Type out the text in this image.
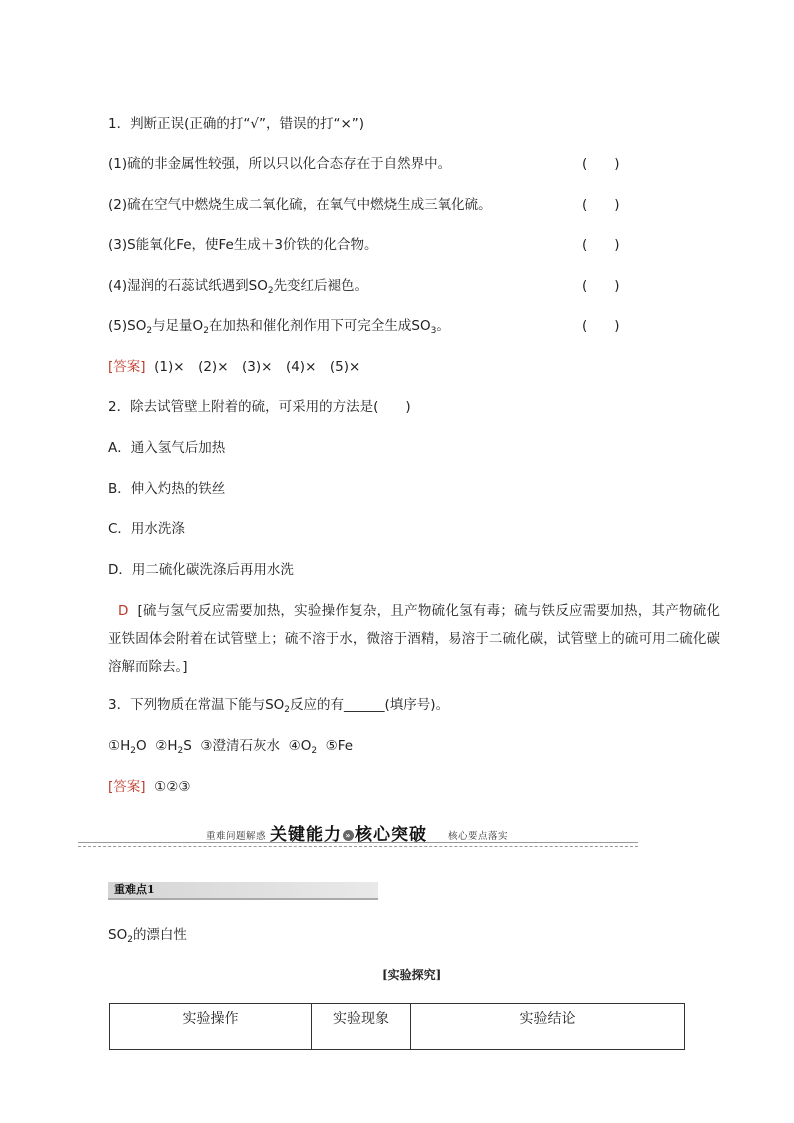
1．判断正误(正确的打“√”，错误的打“×”)
(1)硫的非金属性较强，所以只以化合态存在于自然界中。	(　　)
(2)硫在空气中燃烧生成二氧化硫，在氧气中燃烧生成三氧化硫。	(　　)
(3)S能氧化Fe，使Fe生成＋3价铁的化合物。	(　　)
(4)湿润的石蕊试纸遇到$SO_2$先变红后褪色。	(　　)
$(5)SO_2$与足量$O_2$在加热和催化剂作用下可完全生成$SO_3$。	(　　)
[答案] (1)×　(2)×　(3)×　(4)×　(5)×
2．除去试管壁上附着的硫，可采用的方法是(　　)
A．通入氢气后加热
B．伸入灼热的铁丝
C．用水洗涤
D．用二硫化碳洗涤后再用水洗
D [硫与氢气反应需要加热，实验操作复杂，且产物硫化氢有毒；硫与铁反应需要加热，其产物硫化亚铁固体会附着在试管壁上；硫不溶于水，微溶于酒精，易溶于二硫化碳，试管壁上的硫可用二硫化碳溶解而除去。]
3．下列物质在常温下能与$SO_2$反应的有______(填序号)。
$①H_2O$ $②H_2S$ ③澄清石灰水 $④O_2$ ⑤Fe
[答案] ①②③
重难问题解惑 关键能力 » 核心突破 核心要点落实
重难点1
$SO_2$的漂白性
[实验探究]
实验操作	实验现象	实验结论
